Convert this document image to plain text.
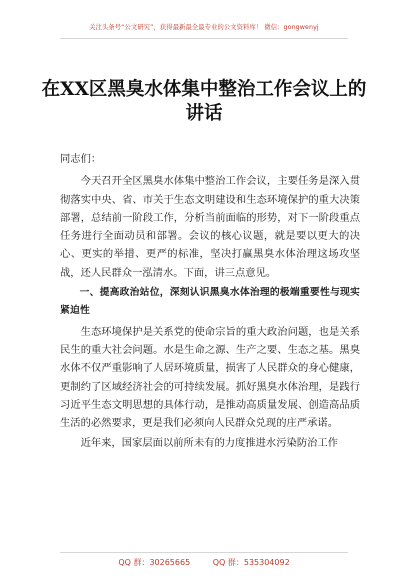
关注头条号“公文研究”，获得最新最全最专业的公文资料库！ 微信：gongwenyj
在XX区黑臭水体集中整治工作会议上的讲话

同志们：

今天召开全区黑臭水体集中整治工作会议，主要任务是深入贯彻落实中央、省、市关于生态文明建设和生态环境保护的重大决策部署，总结前一阶段工作，分析当前面临的形势，对下一阶段重点任务进行全面动员和部署。会议的核心议题，就是要以更大的决心、更实的举措、更严的标准，坚决打赢黑臭水体治理这场攻坚战，还人民群众一泓清水。下面，讲三点意见。

一、提高政治站位，深刻认识黑臭水体治理的极端重要性与现实紧迫性

生态环境保护是关系党的使命宗旨的重大政治问题，也是关系民生的重大社会问题。水是生命之源、生产之要、生态之基。黑臭水体不仅严重影响了人居环境质量，损害了人民群众的身心健康，更制约了区域经济社会的可持续发展。抓好黑臭水体治理，是践行习近平生态文明思想的具体行动，是推动高质量发展、创造高品质生活的必然要求，更是我们必须向人民群众兑现的庄严承诺。

近年来，国家层面以前所未有的力度推进水污染防治工作

QQ 群：30265665	QQ 群：535304092
